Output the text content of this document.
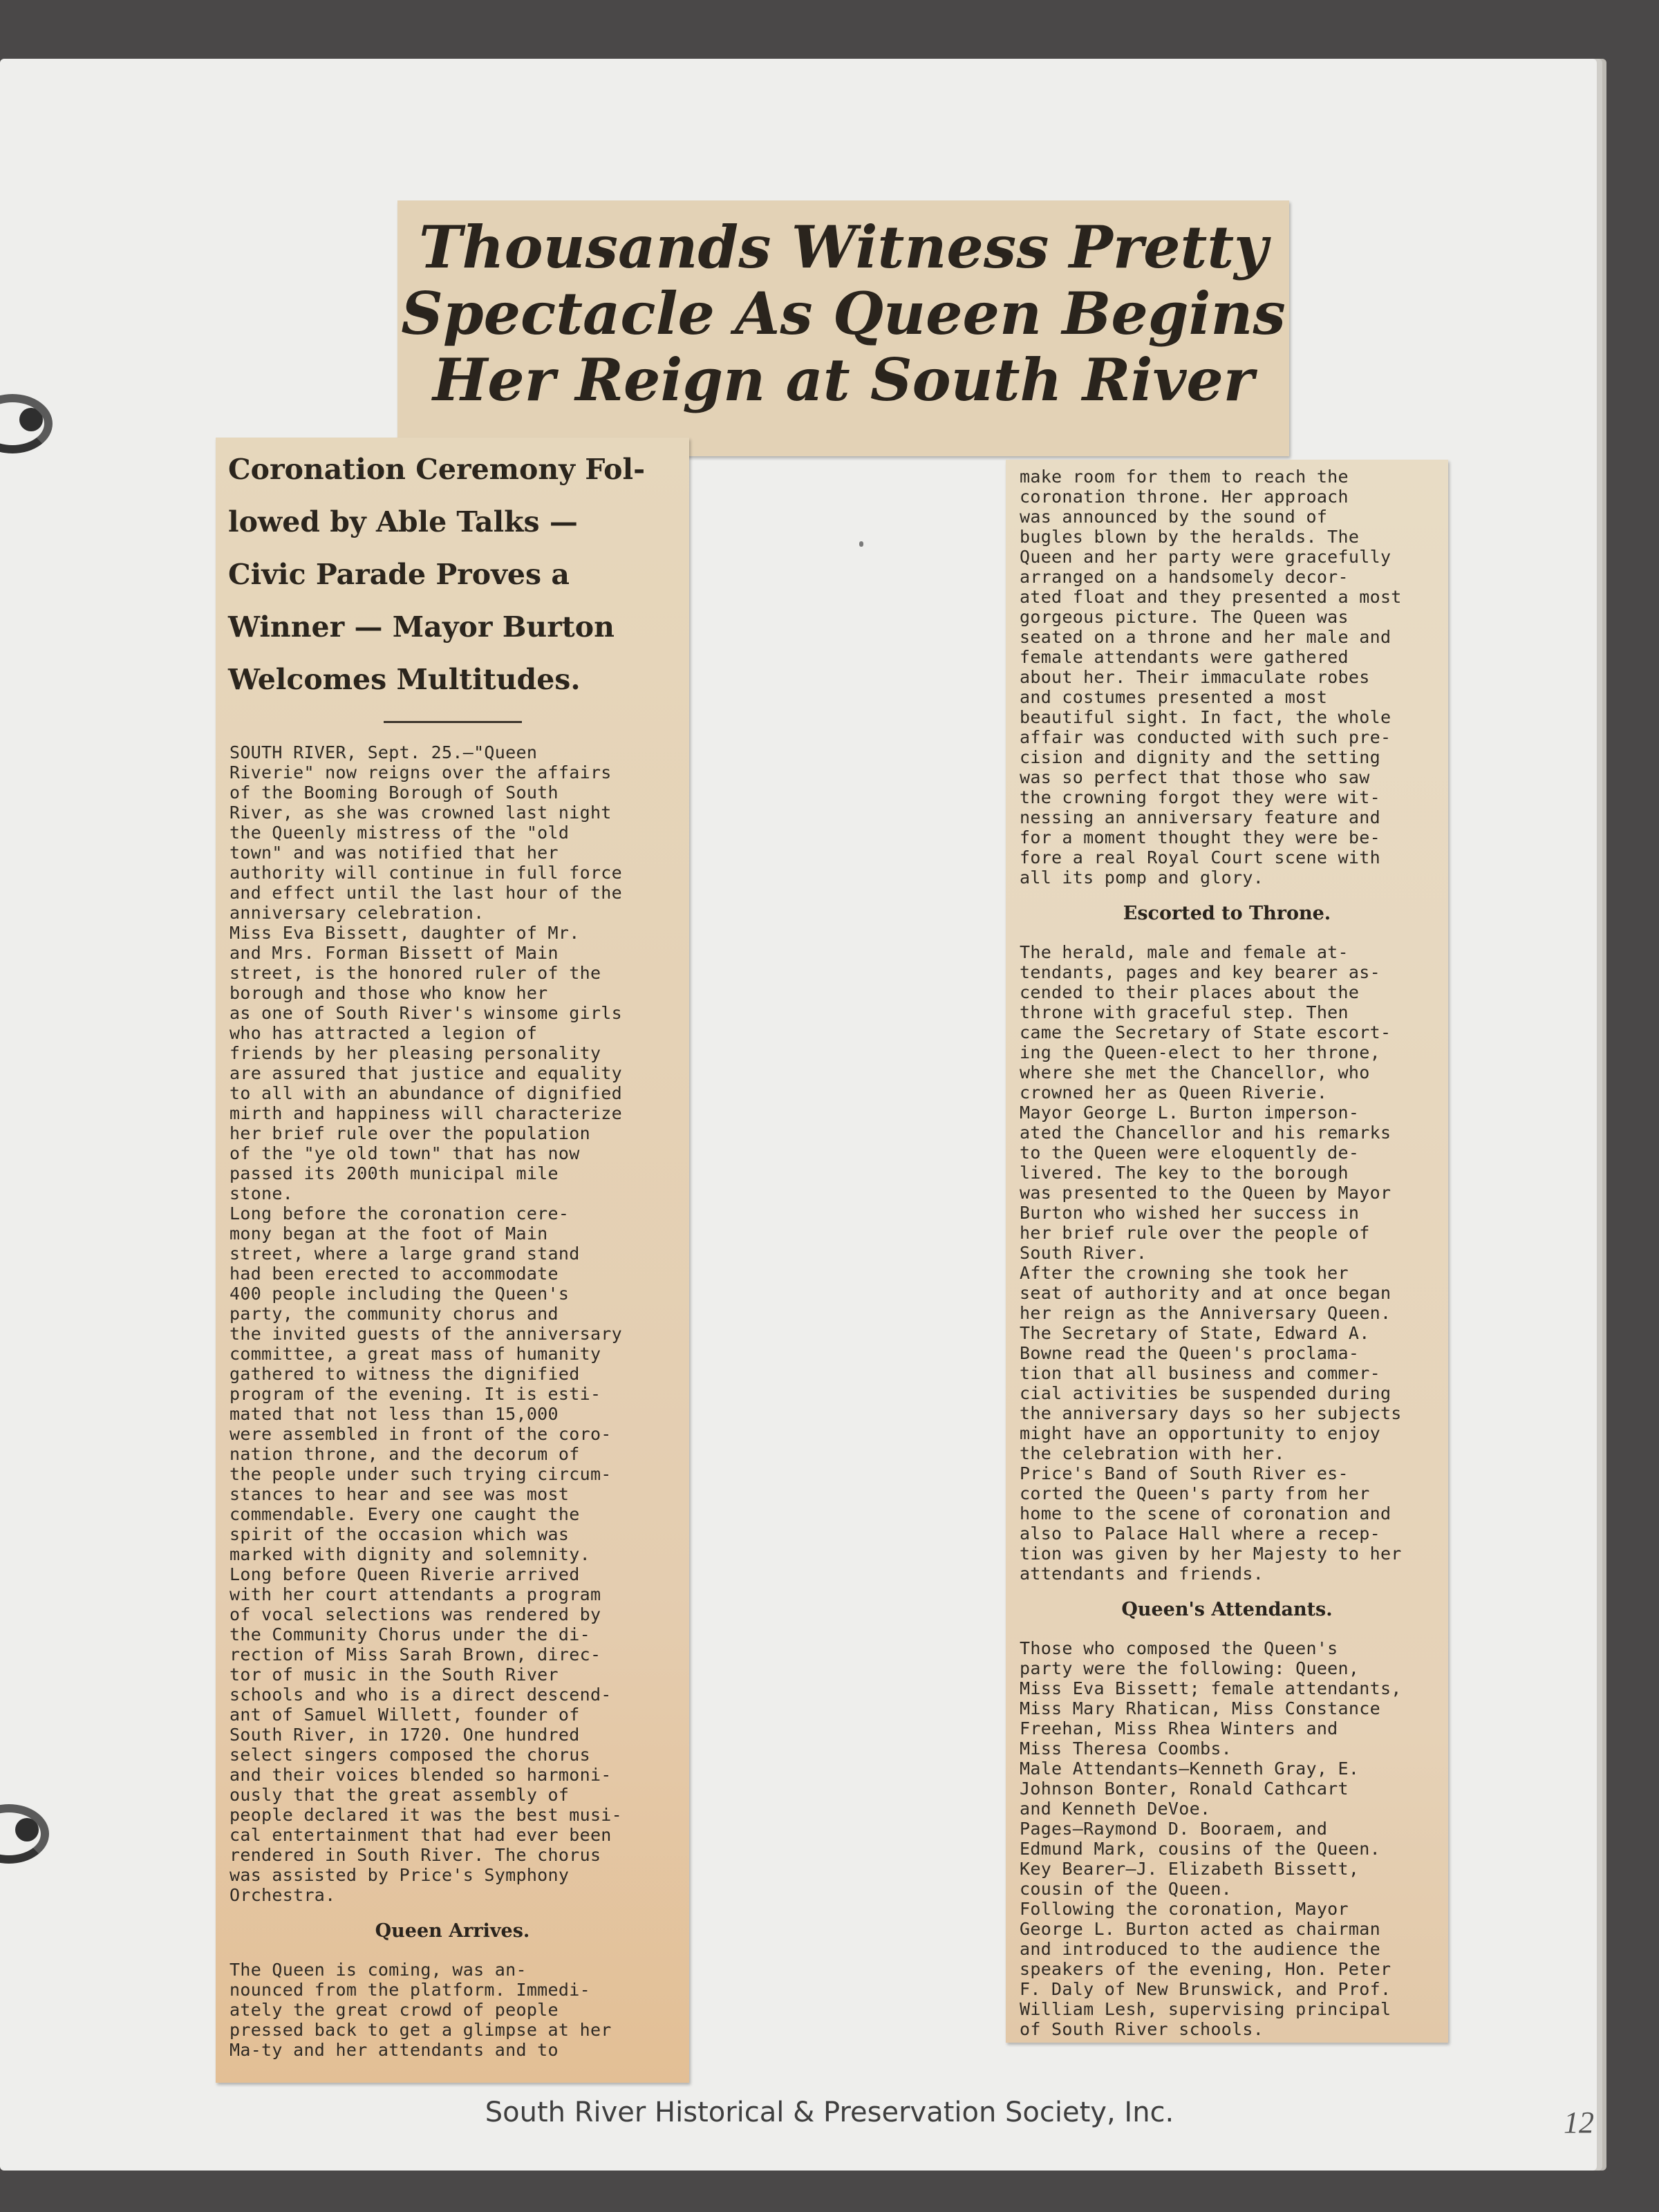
Thousands Witness Pretty
Spectacle As Queen Begins
Her Reign at South River
Coronation Ceremony Fol-
lowed by Able Talks —
Civic Parade Proves a
Winner — Mayor Burton
Welcomes Multitudes.
SOUTH RIVER, Sept. 25.—"Queen
Riverie" now reigns over the affairs
of the Booming Borough of South
River, as she was crowned last night
the Queenly mistress of the "old
town" and was notified that her
authority will continue in full force
and effect until the last hour of the
anniversary celebration.
Miss Eva Bissett, daughter of Mr.
and Mrs. Forman Bissett of Main
street, is the honored ruler of the
borough and those who know her
as one of South River's winsome girls
who has attracted a legion of
friends by her pleasing personality
are assured that justice and equality
to all with an abundance of dignified
mirth and happiness will characterize
her brief rule over the population
of the "ye old town" that has now
passed its 200th municipal mile
stone.
Long before the coronation cere-
mony began at the foot of Main
street, where a large grand stand
had been erected to accommodate
400 people including the Queen's
party, the community chorus and
the invited guests of the anniversary
committee, a great mass of humanity
gathered to witness the dignified
program of the evening. It is esti-
mated that not less than 15,000
were assembled in front of the coro-
nation throne, and the decorum of
the people under such trying circum-
stances to hear and see was most
commendable. Every one caught the
spirit of the occasion which was
marked with dignity and solemnity.
Long before Queen Riverie arrived
with her court attendants a program
of vocal selections was rendered by
the Community Chorus under the di-
rection of Miss Sarah Brown, direc-
tor of music in the South River
schools and who is a direct descend-
ant of Samuel Willett, founder of
South River, in 1720. One hundred
select singers composed the chorus
and their voices blended so harmoni-
ously that the great assembly of
people declared it was the best musi-
cal entertainment that had ever been
rendered in South River. The chorus
was assisted by Price's Symphony
Orchestra.
Queen Arrives.
The Queen is coming, was an-
nounced from the platform. Immedi-
ately the great crowd of people
pressed back to get a glimpse at her
Ma-ty and her attendants and to
make room for them to reach the
coronation throne. Her approach
was announced by the sound of
bugles blown by the heralds. The
Queen and her party were gracefully
arranged on a handsomely decor-
ated float and they presented a most
gorgeous picture. The Queen was
seated on a throne and her male and
female attendants were gathered
about her. Their immaculate robes
and costumes presented a most
beautiful sight. In fact, the whole
affair was conducted with such pre-
cision and dignity and the setting
was so perfect that those who saw
the crowning forgot they were wit-
nessing an anniversary feature and
for a moment thought they were be-
fore a real Royal Court scene with
all its pomp and glory.
Escorted to Throne.
The herald, male and female at-
tendants, pages and key bearer as-
cended to their places about the
throne with graceful step. Then
came the Secretary of State escort-
ing the Queen-elect to her throne,
where she met the Chancellor, who
crowned her as Queen Riverie.
Mayor George L. Burton imperson-
ated the Chancellor and his remarks
to the Queen were eloquently de-
livered. The key to the borough
was presented to the Queen by Mayor
Burton who wished her success in
her brief rule over the people of
South River.
After the crowning she took her
seat of authority and at once began
her reign as the Anniversary Queen.
The Secretary of State, Edward A.
Bowne read the Queen's proclama-
tion that all business and commer-
cial activities be suspended during
the anniversary days so her subjects
might have an opportunity to enjoy
the celebration with her.
Price's Band of South River es-
corted the Queen's party from her
home to the scene of coronation and
also to Palace Hall where a recep-
tion was given by her Majesty to her
attendants and friends.
Queen's Attendants.
Those who composed the Queen's
party were the following: Queen,
Miss Eva Bissett; female attendants,
Miss Mary Rhatican, Miss Constance
Freehan, Miss Rhea Winters and
Miss Theresa Coombs.
Male Attendants—Kenneth Gray, E.
Johnson Bonter, Ronald Cathcart
and Kenneth DeVoe.
Pages—Raymond D. Booraem, and
Edmund Mark, cousins of the Queen.
Key Bearer—J. Elizabeth Bissett,
cousin of the Queen.
Following the coronation, Mayor
George L. Burton acted as chairman
and introduced to the audience the
speakers of the evening, Hon. Peter
F. Daly of New Brunswick, and Prof.
William Lesh, supervising principal
of South River schools.
South River Historical & Preservation Society, Inc.	12
